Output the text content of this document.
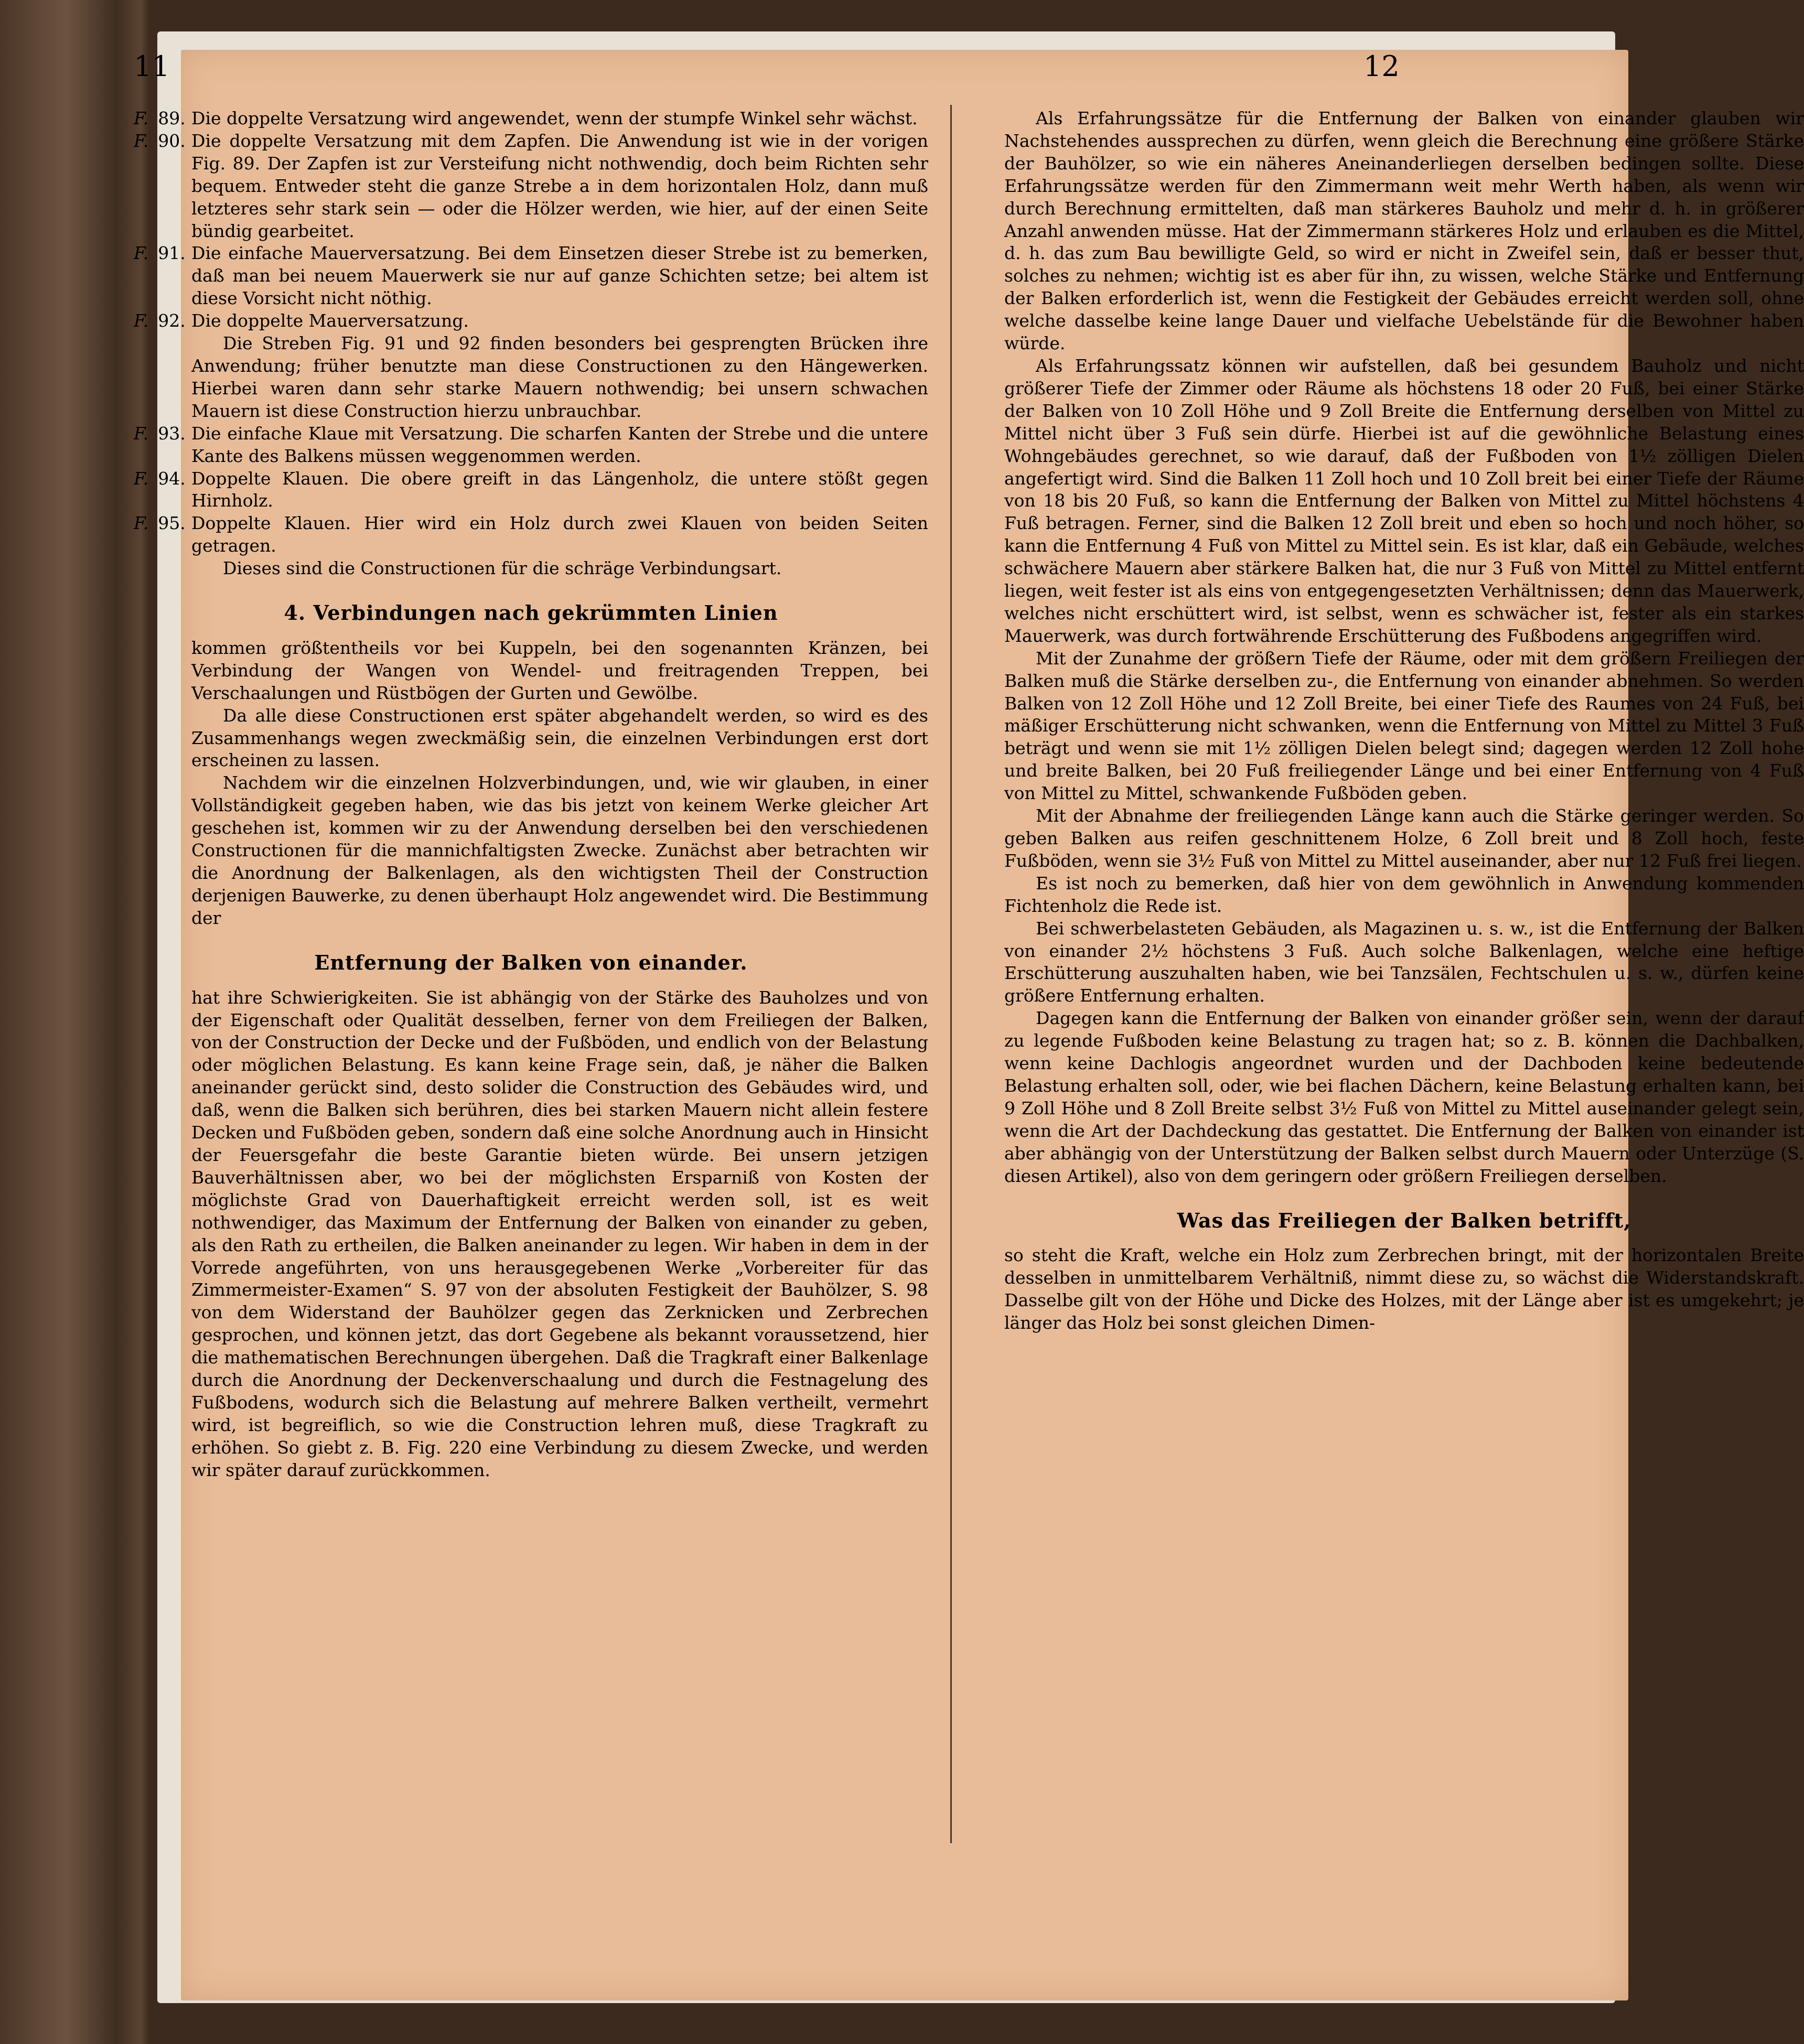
11	12
F. 89. Die doppelte Versatzung wird angewendet, wenn der stumpfe Winkel sehr wächst.
F. 90. Die doppelte Versatzung mit dem Zapfen. Die Anwendung ist wie in der vorigen Fig. 89. Der Zapfen ist zur Versteifung nicht nothwendig, doch beim Richten sehr bequem. Entweder steht die ganze Strebe a in dem horizontalen Holz, dann muß letzteres sehr stark sein — oder die Hölzer werden, wie hier, auf der einen Seite bündig gearbeitet.
F. 91. Die einfache Mauerversatzung. Bei dem Einsetzen dieser Strebe ist zu bemerken, daß man bei neuem Mauerwerk sie nur auf ganze Schichten setze; bei altem ist diese Vorsicht nicht nöthig.
F. 92. Die doppelte Mauerversatzung.

Die Streben Fig. 91 und 92 finden besonders bei gesprengten Brücken ihre Anwendung; früher benutzte man diese Constructionen zu den Hängewerken. Hierbei waren dann sehr starke Mauern nothwendig; bei unsern schwachen Mauern ist diese Construction hierzu unbrauchbar.

F. 93. Die einfache Klaue mit Versatzung. Die scharfen Kanten der Strebe und die untere Kante des Balkens müssen weggenommen werden.
F. 94. Doppelte Klauen. Die obere greift in das Längenholz, die untere stößt gegen Hirnholz.
F. 95. Doppelte Klauen. Hier wird ein Holz durch zwei Klauen von beiden Seiten getragen.

Dieses sind die Constructionen für die schräge Verbindungsart.

4. Verbindungen nach gekrümmten Linien

kommen größtentheils vor bei Kuppeln, bei den sogenannten Kränzen, bei Verbindung der Wangen von Wendel- und freitragenden Treppen, bei Verschaalungen und Rüstbögen der Gurten und Gewölbe.

Da alle diese Constructionen erst später abgehandelt werden, so wird es des Zusammenhangs wegen zweckmäßig sein, die einzelnen Verbindungen erst dort erscheinen zu lassen.

Nachdem wir die einzelnen Holzverbindungen, und, wie wir glauben, in einer Vollständigkeit gegeben haben, wie das bis jetzt von keinem Werke gleicher Art geschehen ist, kommen wir zu der Anwendung derselben bei den verschiedenen Constructionen für die mannichfaltigsten Zwecke. Zunächst aber betrachten wir die Anordnung der Balkenlagen, als den wichtigsten Theil der Construction derjenigen Bauwerke, zu denen überhaupt Holz angewendet wird. Die Bestimmung der

Entfernung der Balken von einander.

hat ihre Schwierigkeiten. Sie ist abhängig von der Stärke des Bauholzes und von der Eigenschaft oder Qualität desselben, ferner von dem Freiliegen der Balken, von der Construction der Decke und der Fußböden, und endlich von der Belastung oder möglichen Belastung. Es kann keine Frage sein, daß, je näher die Balken aneinander gerückt sind, desto solider die Construction des Gebäudes wird, und daß, wenn die Balken sich berühren, dies bei starken Mauern nicht allein festere Decken und Fußböden geben, sondern daß eine solche Anordnung auch in Hinsicht der Feuersgefahr die beste Garantie bieten würde. Bei unsern jetzigen Bauverhältnissen aber, wo bei der möglichsten Ersparniß von Kosten der möglichste Grad von Dauerhaftigkeit erreicht werden soll, ist es weit nothwendiger, das Maximum der Entfernung der Balken von einander zu geben, als den Rath zu ertheilen, die Balken aneinander zu legen. Wir haben in dem in der Vorrede angeführten, von uns herausgegebenen Werke „Vorbereiter für das Zimmermeister-Examen“ S. 97 von der absoluten Festigkeit der Bauhölzer, S. 98 von dem Widerstand der Bauhölzer gegen das Zerknicken und Zerbrechen gesprochen, und können jetzt, das dort Gegebene als bekannt voraussetzend, hier die mathematischen Berechnungen übergehen. Daß die Tragkraft einer Balkenlage durch die Anordnung der Deckenverschaalung und durch die Festnagelung des Fußbodens, wodurch sich die Belastung auf mehrere Balken vertheilt, vermehrt wird, ist begreiflich, so wie die Construction lehren muß, diese Tragkraft zu erhöhen. So giebt z. B. Fig. 220 eine Verbindung zu diesem Zwecke, und werden wir später darauf zurückkommen.

Als Erfahrungssätze für die Entfernung der Balken von einander glauben wir Nachstehendes aussprechen zu dürfen, wenn gleich die Berechnung eine größere Stärke der Bauhölzer, so wie ein näheres Aneinanderliegen derselben bedingen sollte. Diese Erfahrungssätze werden für den Zimmermann weit mehr Werth haben, als wenn wir durch Berechnung ermittelten, daß man stärkeres Bauholz und mehr d. h. in größerer Anzahl anwenden müsse. Hat der Zimmermann stärkeres Holz und erlauben es die Mittel, d. h. das zum Bau bewilligte Geld, so wird er nicht in Zweifel sein, daß er besser thut, solches zu nehmen; wichtig ist es aber für ihn, zu wissen, welche Stärke und Entfernung der Balken erforderlich ist, wenn die Festigkeit der Gebäudes erreicht werden soll, ohne welche dasselbe keine lange Dauer und vielfache Uebelstände für die Bewohner haben würde.

Als Erfahrungssatz können wir aufstellen, daß bei gesundem Bauholz und nicht größerer Tiefe der Zimmer oder Räume als höchstens 18 oder 20 Fuß, bei einer Stärke der Balken von 10 Zoll Höhe und 9 Zoll Breite die Entfernung derselben von Mittel zu Mittel nicht über 3 Fuß sein dürfe. Hierbei ist auf die gewöhnliche Belastung eines Wohngebäudes gerechnet, so wie darauf, daß der Fußboden von 1½ zölligen Dielen angefertigt wird. Sind die Balken 11 Zoll hoch und 10 Zoll breit bei einer Tiefe der Räume von 18 bis 20 Fuß, so kann die Entfernung der Balken von Mittel zu Mittel höchstens 4 Fuß betragen. Ferner, sind die Balken 12 Zoll breit und eben so hoch und noch höher, so kann die Entfernung 4 Fuß von Mittel zu Mittel sein. Es ist klar, daß ein Gebäude, welches schwächere Mauern aber stärkere Balken hat, die nur 3 Fuß von Mittel zu Mittel entfernt liegen, weit fester ist als eins von entgegengesetzten Verhältnissen; denn das Mauerwerk, welches nicht erschüttert wird, ist selbst, wenn es schwächer ist, fester als ein starkes Mauerwerk, was durch fortwährende Erschütterung des Fußbodens angegriffen wird.

Mit der Zunahme der größern Tiefe der Räume, oder mit dem größern Freiliegen der Balken muß die Stärke derselben zu-, die Entfernung von einander abnehmen. So werden Balken von 12 Zoll Höhe und 12 Zoll Breite, bei einer Tiefe des Raumes von 24 Fuß, bei mäßiger Erschütterung nicht schwanken, wenn die Entfernung von Mittel zu Mittel 3 Fuß beträgt und wenn sie mit 1½ zölligen Dielen belegt sind; dagegen werden 12 Zoll hohe und breite Balken, bei 20 Fuß freiliegender Länge und bei einer Entfernung von 4 Fuß von Mittel zu Mittel, schwankende Fußböden geben.

Mit der Abnahme der freiliegenden Länge kann auch die Stärke geringer werden. So geben Balken aus reifen geschnittenem Holze, 6 Zoll breit und 8 Zoll hoch, feste Fußböden, wenn sie 3½ Fuß von Mittel zu Mittel auseinander, aber nur 12 Fuß frei liegen.

Es ist noch zu bemerken, daß hier von dem gewöhnlich in Anwendung kommenden Fichtenholz die Rede ist.

Bei schwerbelasteten Gebäuden, als Magazinen u. s. w., ist die Entfernung der Balken von einander 2½ höchstens 3 Fuß. Auch solche Balkenlagen, welche eine heftige Erschütterung auszuhalten haben, wie bei Tanzsälen, Fechtschulen u. s. w., dürfen keine größere Entfernung erhalten.

Dagegen kann die Entfernung der Balken von einander größer sein, wenn der darauf zu legende Fußboden keine Belastung zu tragen hat; so z. B. können die Dachbalken, wenn keine Dachlogis angeordnet wurden und der Dachboden keine bedeutende Belastung erhalten soll, oder, wie bei flachen Dächern, keine Belastung erhalten kann, bei 9 Zoll Höhe und 8 Zoll Breite selbst 3½ Fuß von Mittel zu Mittel auseinander gelegt sein, wenn die Art der Dachdeckung das gestattet. Die Entfernung der Balken von einander ist aber abhängig von der Unterstützung der Balken selbst durch Mauern oder Unterzüge (S. diesen Artikel), also von dem geringern oder größern Freiliegen derselben.

Was das Freiliegen der Balken betrifft,

so steht die Kraft, welche ein Holz zum Zerbrechen bringt, mit der horizontalen Breite desselben in unmittelbarem Verhältniß, nimmt diese zu, so wächst die Widerstandskraft. Dasselbe gilt von der Höhe und Dicke des Holzes, mit der Länge aber ist es umgekehrt; je länger das Holz bei sonst gleichen Dimen-
